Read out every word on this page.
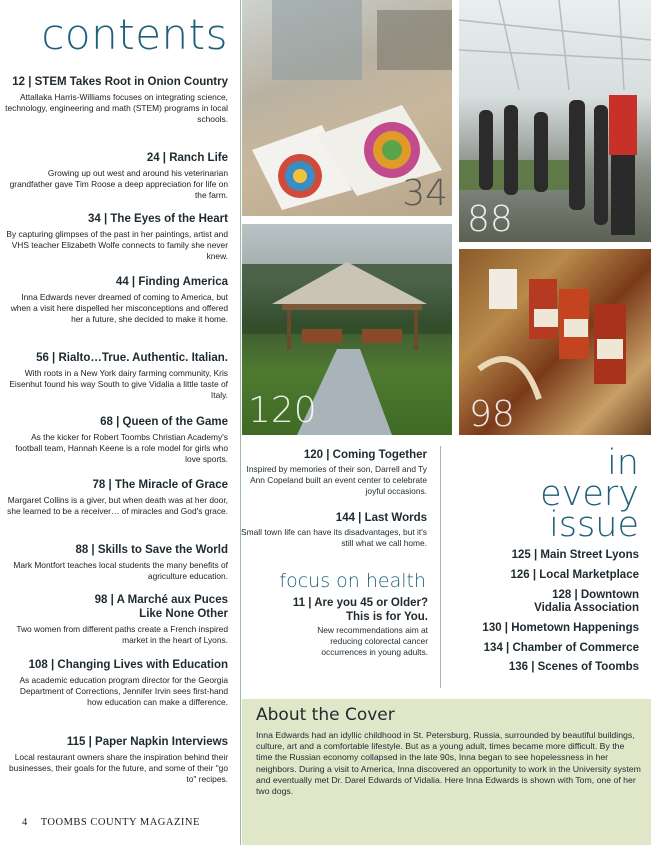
contents
12 | STEM Takes Root in Onion Country
Attallaka Harris-Williams focuses on integrating science, technology, engineering and math (STEM) programs in local schools.
24 | Ranch Life
Growing up out west and around his veterinarian grandfather gave Tim Roose a deep appreciation for life on the farm.
34 | The Eyes of the Heart
By capturing glimpses of the past in her paintings, artist and VHS teacher Elizabeth Wolfe connects to family she never knew.
44 | Finding America
Inna Edwards never dreamed of coming to America, but when a visit here dispelled her misconceptions and offered her a future, she decided to make it home.
56 | Rialto…True. Authentic. Italian.
With roots in a New York dairy farming community, Kris Eisenhut found his way South to give Vidalia a little taste of Italy.
68 | Queen of the Game
As the kicker for Robert Toombs Christian Academy's football team, Hannah Keene is a role model for girls who love sports.
78 | The Miracle of Grace
Margaret Collins is a giver, but when death was at her door, she learned to be a receiver… of miracles and God's grace.
88 | Skills to Save the World
Mark Montfort teaches local students the many benefits of agriculture education.
98 | A Marché aux Puces Like None Other
Two women from different paths create a French inspired market in the heart of Lyons.
108 | Changing Lives with Education
As academic education program director for the Georgia Department of Corrections, Jennifer Irvin sees first-hand how education can make a difference.
115 | Paper Napkin Interviews
Local restaurant owners share the inspiration behind their businesses, their goals for the future, and some of their "go to" recipes.
4 TOOMBS COUNTY MAGAZINE
34
88
120	98
120 | Coming Together
Inspired by memories of their son, Darrell and Ty Ann Copeland built an event center to celebrate joyful occasions.
144 | Last Words
Small town life can have its disadvantages, but it's still what we call home.
focus on health
11 | Are you 45 or Older? This is for You.
New recommendations aim at reducing colorectal cancer occurrences in young adults.
in
every
issue
125 | Main Street Lyons
126 | Local Marketplace
128 | Downtown Vidalia Association
130 | Hometown Happenings
134 | Chamber of Commerce
136 | Scenes of Toombs
About the Cover
Inna Edwards had an idyllic childhood in St. Petersburg, Russia, surrounded by beautiful buildings, culture, art and a comfortable lifestyle. But as a young adult, times became more difficult. By the time the Russian economy collapsed in the late 90s, Inna began to see hopelessness in her neighbors. During a visit to America, Inna discovered an opportunity to work in the University system and eventually met Dr. Darel Edwards of Vidalia. Here Inna Edwards is shown with Tom, one of her two dogs.
